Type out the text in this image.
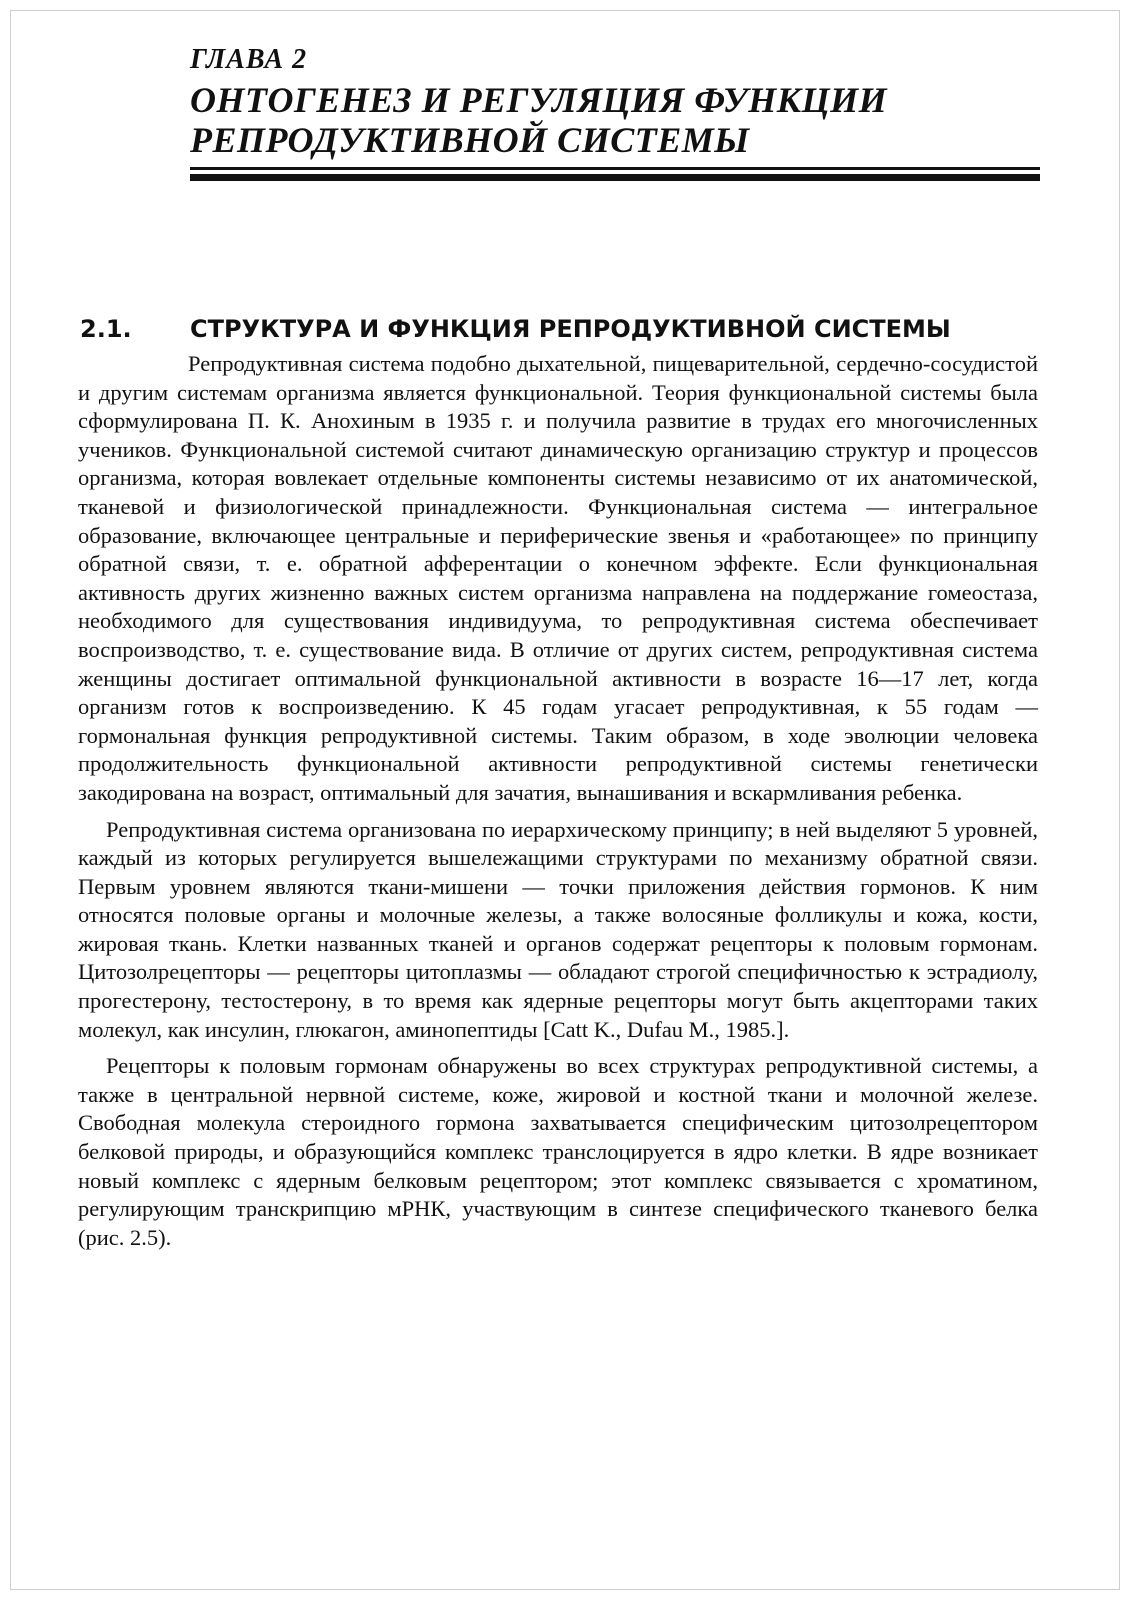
ГЛАВА 2
ОНТОГЕНЕЗ И РЕГУЛЯЦИЯ ФУНКЦИИ
РЕПРОДУКТИВНОЙ СИСТЕМЫ
2.1. СТРУКТУРА И ФУНКЦИЯ РЕПРОДУКТИВНОЙ СИСТЕМЫ

Репродуктивная система подобно дыхательной, пищеварительной, сердечно-сосудистой и другим системам организма является функциональной. Теория функциональной системы была сформулирована П. К. Анохиным в 1935 г. и получила развитие в трудах его многочисленных учеников. Функциональной системой считают динамическую организацию структур и процессов организма, которая вовлекает отдельные компоненты системы независимо от их анатомической, тканевой и физиологической принадлежности. Функциональная система — интегральное образование, включающее центральные и периферические звенья и «работающее» по принципу обратной связи, т. е. обратной афферентации о конечном эффекте. Если функциональная активность других жизненно важных систем организма направлена на поддержание гомеостаза, необходимого для существования индивидуума, то репродуктивная система обеспечивает воспроизводство, т. е. существование вида. В отличие от других систем, репродуктивная система женщины достигает оптимальной функциональной активности в возрасте 16—17 лет, когда организм готов к воспроизведению. К 45 годам угасает репродуктивная, к 55 годам — гормональная функция репродуктивной системы. Таким образом, в ходе эволюции человека продолжительность функциональной активности репродуктивной системы генетически закодирована на возраст, оптимальный для зачатия, вынашивания и вскармливания ребенка.

Репродуктивная система организована по иерархическому принципу; в ней выделяют 5 уровней, каждый из которых регулируется вышележащими структурами по механизму обратной связи. Первым уровнем являются ткани-мишени — точки приложения действия гормонов. К ним относятся половые органы и молочные железы, а также волосяные фолликулы и кожа, кости, жировая ткань. Клетки названных тканей и органов содержат рецепторы к половым гормонам. Цитозолрецепторы — рецепторы цитоплазмы — обладают строгой специфичностью к эстрадиолу, прогестерону, тестостерону, в то время как ядерные рецепторы могут быть акцепторами таких молекул, как инсулин, глюкагон, аминопептиды [Catt K., Dufau M., 1985.].

Рецепторы к половым гормонам обнаружены во всех структурах репродуктивной системы, а также в центральной нервной системе, коже, жировой и костной ткани и молочной железе. Свободная молекула стероидного гормона захватывается специфическим цитозолрецептором белковой природы, и образующийся комплекс транслоцируется в ядро клетки. В ядре возникает новый комплекс с ядерным белковым рецептором; этот комплекс связывается с хроматином, регулирующим транскрипцию мРНК, участвующим в синтезе специфического тканевого белка (рис. 2.5).
